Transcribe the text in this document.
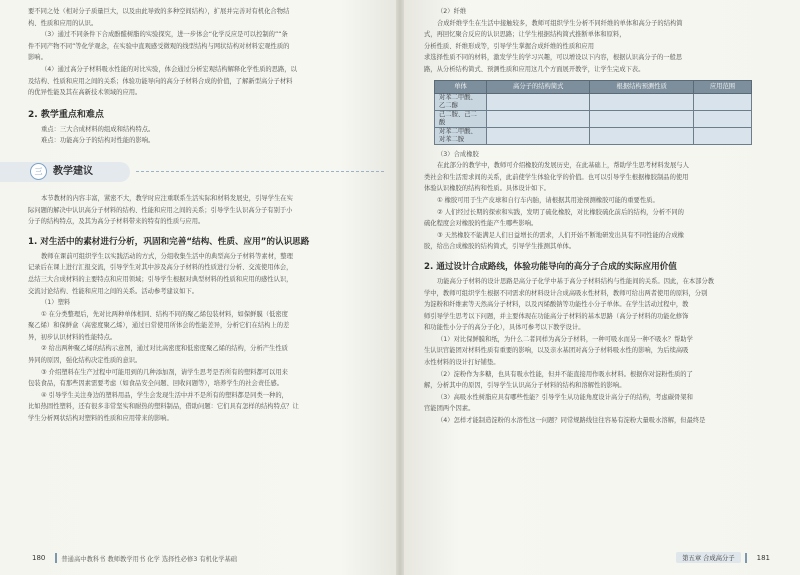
要不同之处（相对分子质量巨大，以及由此导致的多种空间结构），扩展并完善对有机化合物结

构、性质和应用的认识。

（3）通过不同条件下合成酚醛树脂的实验探究，进一步体会“化学反应是可以控制的”“条

件不同产物不同”等化学观念，在实验中直观感受微观的线型结构与网状结构对材料宏观性质的

影响。

（4）通过高分子材料吸水性能的对比实验，体会通过分析宏观结构解释化学性质的思路，以

及结构、性质和应用之间的关系；体验功能导向的高分子材料合成的价值，了解新型高分子材料

的优异性能及其在高新技术领域的应用。

2. 教学重点和难点

重点：三大合成材料的组成和结构特点。

难点：功能高分子的结构对性能的影响。

三	教学建议

本节教材的内容丰富，紧密不大，教学时应注重联系生活实际和材料发展史，引导学生在实

际问题的解决中认识高分子材料的结构、性能和应用之间的关系；引导学生认识高分子有别于小

分子的结构特点，及其为高分子材料带来的特有的性质与应用。

1. 对生活中的素材进行分析，巩固和完善“结构、性质、应用”的认识思路

教师在课前可组织学生以实践活动的方式，分组收集生活中的典型高分子材料等素材，整理

记录后在课上进行汇报交流，引导学生对其中涉及高分子材料的性质进行分析、交流使用体会，

总结三大合成材料的主要特点和应用领域；引导学生根据对典型材料的性质和应用的感性认识，

交流讨论结构、性能和应用之间的关系。活动参考建议如下。

（1）塑料

① 在分类整理后，先对比两种单体相同、结构不同的聚乙烯包装材料，如保鲜膜（低密度

聚乙烯）和保鲜盒（高密度聚乙烯），通过日常使用所体会的性能差异，分析它们在结构上的差

异，初步认识材料的性能特点。

② 给出两种聚乙烯的结构示意图，通过对比高密度和低密度聚乙烯的结构，分析产生性质

异同的原因，强化结构决定性质的意识。

③ 介绍塑料在生产过程中可能用到的几种添加剂，请学生思考是否所有的塑料都可以用来

包装食品，有那些因素需要考虑（如食品安全问题、回收问题等），培养学生的社会责任感。

④ 引导学生关注身边的塑料用品，学生会发现生活中并不是所有的塑料都是同类一种的，

比如热固性塑料，还有很多非常坚实和耐热的塑料制品，借助问题：它们具有怎样的结构特点？让

学生分析网状结构对塑料的性质和应用带来的影响。

180	普通高中教科书 教师教学用书 化学 选择性必修3 有机化学基础

（2）纤维

合成纤维学生在生活中接触较多，教师可组织学生分析不同纤维的单体和高分子的结构简

式，再回忆聚合反应的认识思路；让学生根据结构简式推断单体和原料，

分析性质、纤维形成等，引导学生掌握合成纤维的性质和应用

求选择性质不同的材料，激发学生的学习兴趣，可以增设以下内容，根据认识高分子的一般思

路，从分析结构简式、预测性质和应用这几个方面展开教学，让学生完成下表。

单体	高分子的结构简式	根据结构预测性质	应用范围
对苯二甲酸、乙二醇			
己二胺、己二酸			
对苯二甲酸、对苯二胺			

（3）合成橡胶

在此部分的教学中，教师可介绍橡胶的发展历史，在此基础上，帮助学生思考材料发展与人

类社会和生活需求间的关系，此前使学生体验化学的价值。也可以引导学生根据橡胶制品的使用

体验认识橡胶的结构和性质。具体设计如下。

① 橡胶可用于生产皮球和自行车内胎，请根据其用途预测橡胶可能的重要性质。

② 人们经过长期的探索和实践，发明了硫化橡胶，对比橡胶硫化前后的结构，分析不同的

硫化程度会对橡胶的性能产生哪些影响。

③ 天然橡胶不能满足人们日益增长的需求，人们开始不断地研发出具有不同性能的合成橡

胶，给出合成橡胶的结构简式，引导学生推测其单体。

2. 通过设计合成路线，体验功能导向的高分子合成的实际应用价值

功能高分子材料的设计思路是高分子化学中基于高分子材料结构与性能间的关系。因此，在本部分教

学中，教师可组织学生根据不同需求的材料设计合成高吸水性材料，教师可给出两者使用的原料，分别

为淀粉和纤维素等天然高分子材料，以及丙烯酸钠等功能性小分子单体。在学生活动过程中，教

师引导学生思考以下问题，并主要体现在功能高分子材料的基本思路（高分子材料的功能化修饰

和功能性小分子的高分子化），具体可参考以下教学设计。

（1）对比保鲜膜和纸，为什么二者同样为高分子材料，一种可吸水而另一种不吸水？帮助学

生认识官能团对材料性质有重要的影响，以及亲水基团对高分子材料吸水性的影响，为后续高吸

水性材料的设计打好铺垫。

（2）淀粉作为多糖，也具有吸水性能，但并不能直接用作吸水材料。根据你对淀粉性质的了

解，分析其中的原因，引导学生认识高分子材料的结构和溶解性的影响。

（3）高吸水性树脂应具有哪些性能？引导学生从功能角度设计高分子的结构，考虑碳骨架和

官能团两个因素。

（4）怎样才能制造淀粉的水溶性这一问题？同常规路线往往容易有淀粉大量吸水溶解，但最终是

第五章 合成高分子	181
